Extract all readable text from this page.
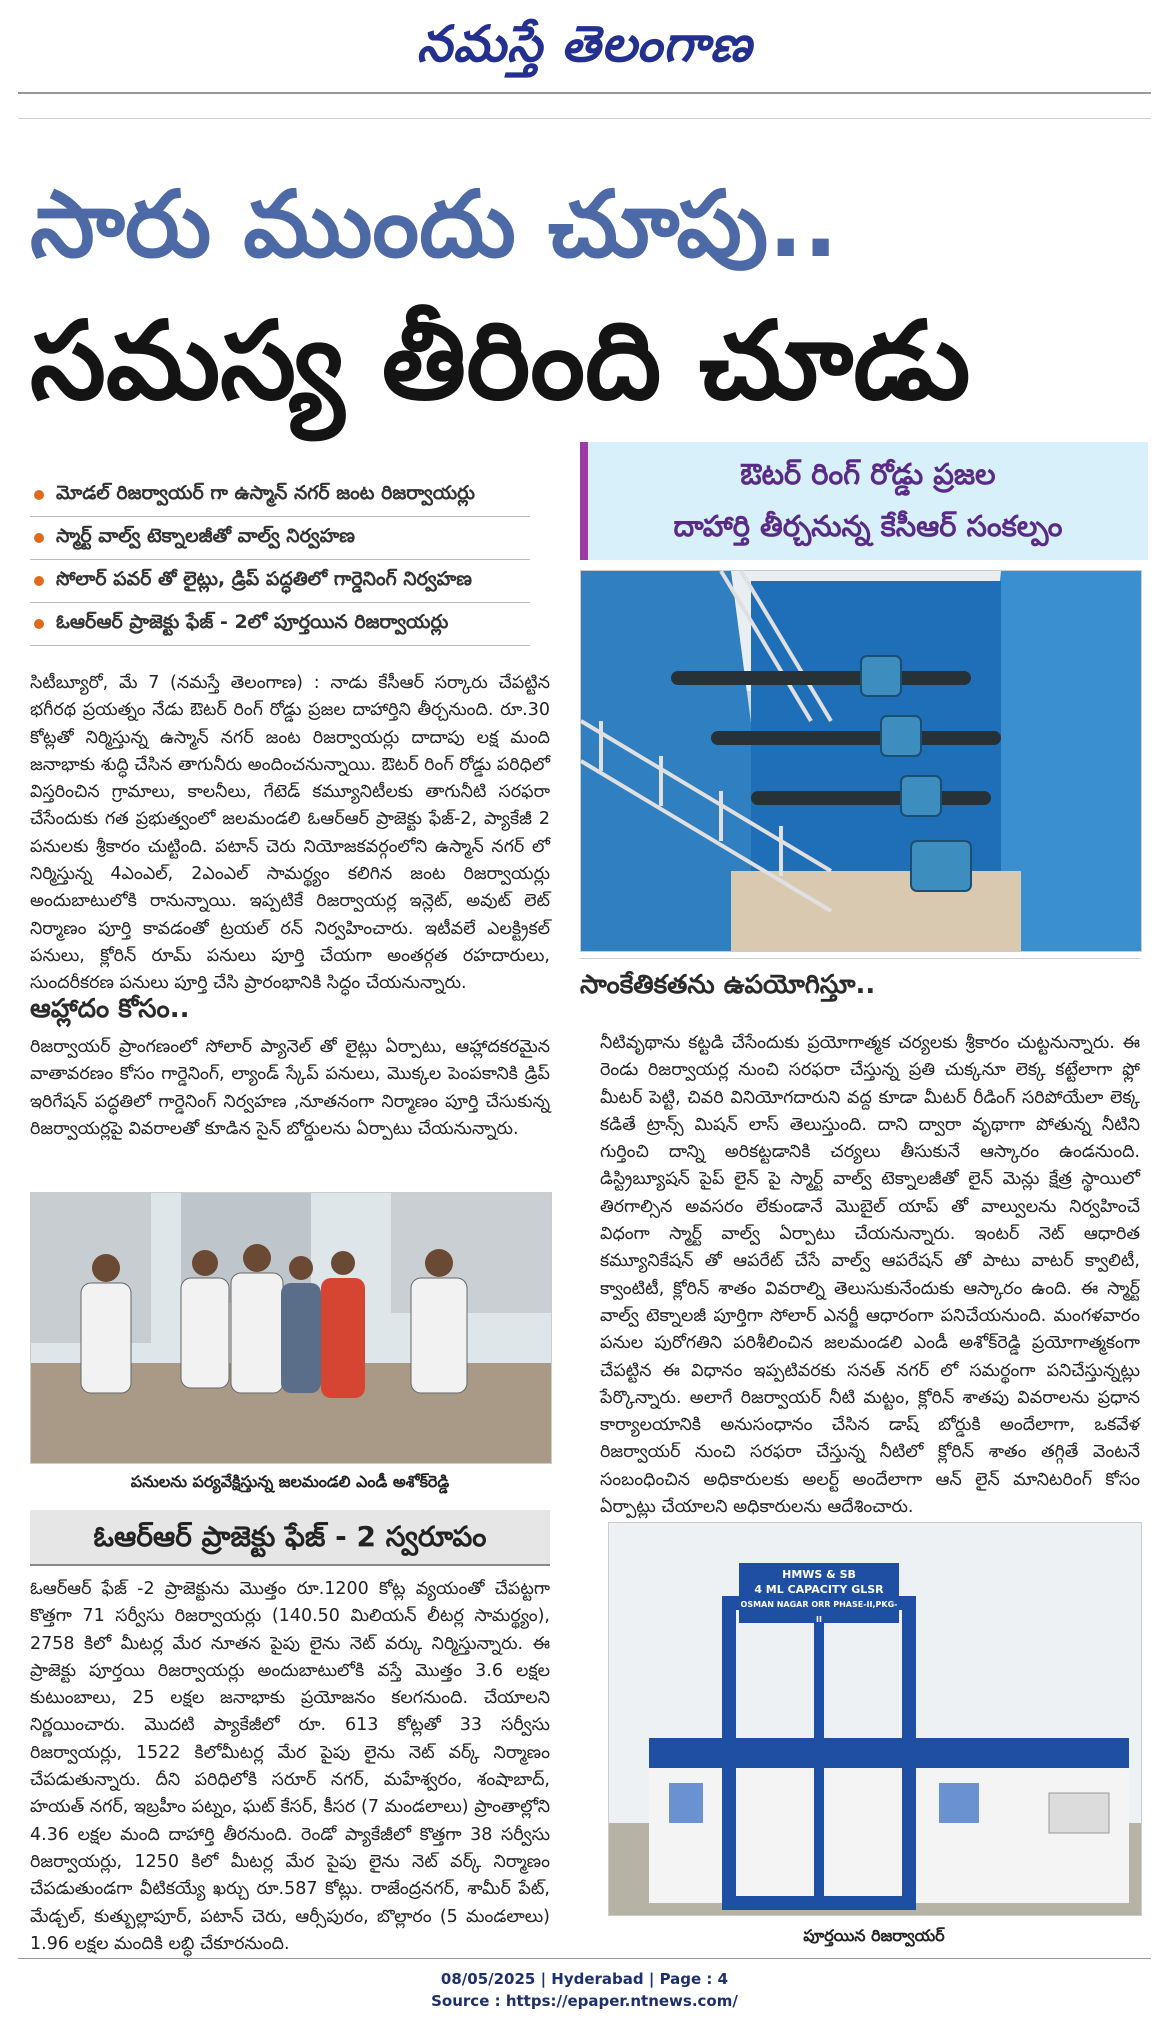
నమస్తే తెలంగాణ
సారు ముందు చూపు..
సమస్య తీరింది చూడు
మోడల్ రిజర్వాయర్ గా ఉస్మాన్ నగర్ జంట రిజర్వాయర్లు
స్మార్ట్ వాల్వ్ టెక్నాలజీతో వాల్వ్ నిర్వహణ
సోలార్ పవర్ తో లైట్లు, డ్రిప్ పద్ధతిలో గార్డెనింగ్ నిర్వహణ
ఓఆర్ఆర్ ప్రాజెక్టు ఫేజ్ - 2లో పూర్తయిన రిజర్వాయర్లు
ఔటర్ రింగ్ రోడ్డు ప్రజల
దాహార్తి తీర్చనున్న కేసీఆర్ సంకల్పం
సిటీబ్యూరో, మే 7 (నమస్తే తెలంగాణ) : నాడు కేసీఆర్ సర్కారు చేపట్టిన భగీరథ ప్రయత్నం నేడు ఔటర్ రింగ్ రోడ్డు ప్రజల దాహార్తిని తీర్చనుంది. రూ.30 కోట్లతో నిర్మిస్తున్న ఉస్మాన్ నగర్ జంట రిజర్వాయర్లు దాదాపు లక్ష మంది జనాభాకు శుద్ధి చేసిన తాగునీరు అందించనున్నాయి. ఔటర్ రింగ్ రోడ్డు పరిధిలో విస్తరించిన గ్రామాలు, కాలనీలు, గేటెడ్ కమ్యూనిటీలకు తాగునీటి సరఫరా చేసేందుకు గత ప్రభుత్వంలో జలమండలి ఓఆర్ఆర్ ప్రాజెక్టు ఫేజ్-2, ప్యాకేజీ 2 పనులకు శ్రీకారం చుట్టింది. పటాన్ చెరు నియోజకవర్గంలోని ఉస్మాన్ నగర్ లో నిర్మిస్తున్న 4ఎంఎల్, 2ఎంఎల్ సామర్థ్యం కలిగిన జంట రిజర్వాయర్లు అందుబాటులోకి రానున్నాయి. ఇప్పటికే రిజర్వాయర్ల ఇన్లెట్, అవుట్ లెట్ నిర్మాణం పూర్తి కావడంతో ట్రయల్ రన్ నిర్వహించారు. ఇటీవలే ఎలక్ట్రికల్ పనులు, క్లోరిన్ రూమ్ పనులు పూర్తి చేయగా అంతర్గత రహదారులు, సుందరీకరణ పనులు పూర్తి చేసి ప్రారంభానికి సిద్ధం చేయనున్నారు.
ఆహ్లాదం కోసం..
రిజర్వాయర్ ప్రాంగణంలో సోలార్ ప్యానెల్ తో లైట్లు ఏర్పాటు, ఆహ్లాదకరమైన వాతావరణం కోసం గార్డెనింగ్, ల్యాండ్ స్కేప్ పనులు, మొక్కల పెంపకానికి డ్రిప్ ఇరిగేషన్ పద్ధతిలో గార్డెనింగ్ నిర్వహణ ,నూతనంగా నిర్మాణం పూర్తి చేసుకున్న రిజర్వాయర్లపై వివరాలతో కూడిన సైన్ బోర్డులను ఏర్పాటు చేయనున్నారు.
పనులను పర్యవేక్షిస్తున్న జలమండలి ఎండీ అశోక్‌రెడ్డి
సాంకేతికతను ఉపయోగిస్తూ..
నీటివృథాను కట్టడి చేసేందుకు ప్రయోగాత్మక చర్యలకు శ్రీకారం చుట్టనున్నారు. ఈ రెండు రిజర్వాయర్ల నుంచి సరఫరా చేస్తున్న ప్రతి చుక్కనూ లెక్క కట్టేలాగా ఫ్లో మీటర్ పెట్టి, చివరి వినియోగదారుని వద్ద కూడా మీటర్ రీడింగ్ సరిపోయేలా లెక్క కడితే ట్రాన్స్ మిషన్ లాస్ తెలుస్తుంది. దాని ద్వారా వృథాగా పోతున్న నీటిని గుర్తించి దాన్ని అరికట్టడానికి చర్యలు తీసుకునే ఆస్కారం ఉండనుంది. డిస్ట్రిబ్యూషన్ పైప్ లైన్ పై స్మార్ట్ వాల్వ్ టెక్నాలజీతో లైన్ మెన్లు క్షేత్ర స్థాయిలో తిరగాల్సిన అవసరం లేకుండానే మొబైల్ యాప్ తో వాల్వులను నిర్వహించే విధంగా స్మార్ట్ వాల్వ్ ఏర్పాటు చేయనున్నారు. ఇంటర్ నెట్ ఆధారిత కమ్యూనికేషన్ తో ఆపరేట్ చేసే వాల్వ్ ఆపరేషన్ తో పాటు వాటర్ క్వాలిటీ, క్వాంటిటీ, క్లోరిన్ శాతం వివరాల్ని తెలుసుకునేందుకు ఆస్కారం ఉంది. ఈ స్మార్ట్ వాల్వ్ టెక్నాలజీ పూర్తిగా సోలార్ ఎనర్జీ ఆధారంగా పనిచేయనుంది. మంగళవారం పనుల పురోగతిని పరిశీలించిన జలమండలి ఎండీ అశోక్‌రెడ్డి ప్రయోగాత్మకంగా చేపట్టిన ఈ విధానం ఇప్పటివరకు సనత్ నగర్ లో సమర్థంగా పనిచేస్తున్నట్లు పేర్కొన్నారు. అలాగే రిజర్వాయర్ నీటి మట్టం, క్లోరిన్ శాతపు వివరాలను ప్రధాన కార్యాలయానికి అనుసంధానం చేసిన డాష్ బోర్డుకి అందేలాగా, ఒకవేళ రిజర్వాయర్ నుంచి సరఫరా చేస్తున్న నీటిలో క్లోరిన్ శాతం తగ్గితే వెంటనే సంబంధించిన అధికారులకు అలర్ట్ అందేలాగా ఆన్ లైన్ మానిటరింగ్ కోసం ఏర్పాట్లు చేయాలని అధికారులను ఆదేశించారు.
ఓఆర్ఆర్ ప్రాజెక్టు ఫేజ్ - 2 స్వరూపం
ఓఆర్ఆర్ ఫేజ్ -2 ప్రాజెక్టును మొత్తం రూ.1200 కోట్ల వ్యయంతో చేపట్టగా కొత్తగా 71 సర్వీసు రిజర్వాయర్లు (140.50 మిలియన్ లీటర్ల సామర్థ్యం), 2758 కిలో మీటర్ల మేర నూతన పైపు లైను నెట్ వర్కు నిర్మిస్తున్నారు. ఈ ప్రాజెక్టు పూర్తయి రిజర్వాయర్లు అందుబాటులోకి వస్తే మొత్తం 3.6 లక్షల కుటుంబాలు, 25 లక్షల జనాభాకు ప్రయోజనం కలగనుంది. చేయాలని నిర్ణయించారు. మొదటి ప్యాకేజీలో రూ. 613 కోట్లతో 33 సర్వీసు రిజర్వాయర్లు, 1522 కిలోమీటర్ల మేర పైపు లైను నెట్ వర్క్ నిర్మాణం చేపడుతున్నారు. దీని పరిధిలోకి సరూర్ నగర్, మహేశ్వరం, శంషాబాద్, హయత్ నగర్, ఇబ్రహీం పట్నం, ఘట్ కేసర్, కీసర (7 మండలాలు) ప్రాంతాల్లోని 4.36 లక్షల మంది దాహార్తి తీరనుంది. రెండో ప్యాకేజీలో కొత్తగా 38 సర్వీసు రిజర్వాయర్లు, 1250 కిలో మీటర్ల మేర పైపు లైను నెట్ వర్క్ నిర్మాణం చేపడుతుండగా వీటికయ్యే ఖర్చు రూ.587 కోట్లు. రాజేంద్రనగర్, శామీర్ పేట్, మేడ్చల్, కుత్బుల్లాపూర్, పటాన్ చెరు, ఆర్సీపురం, బొల్లారం (5 మండలాలు) 1.96 లక్షల మందికి లబ్ధి చేకూరనుంది.
HMWS & SB
4 ML CAPACITY GLSR
OSMAN NAGAR ORR PHASE-II,PKG-II
పూర్తయిన రిజర్వాయర్
08/05/2025 | Hyderabad | Page : 4
Source : https://epaper.ntnews.com/
